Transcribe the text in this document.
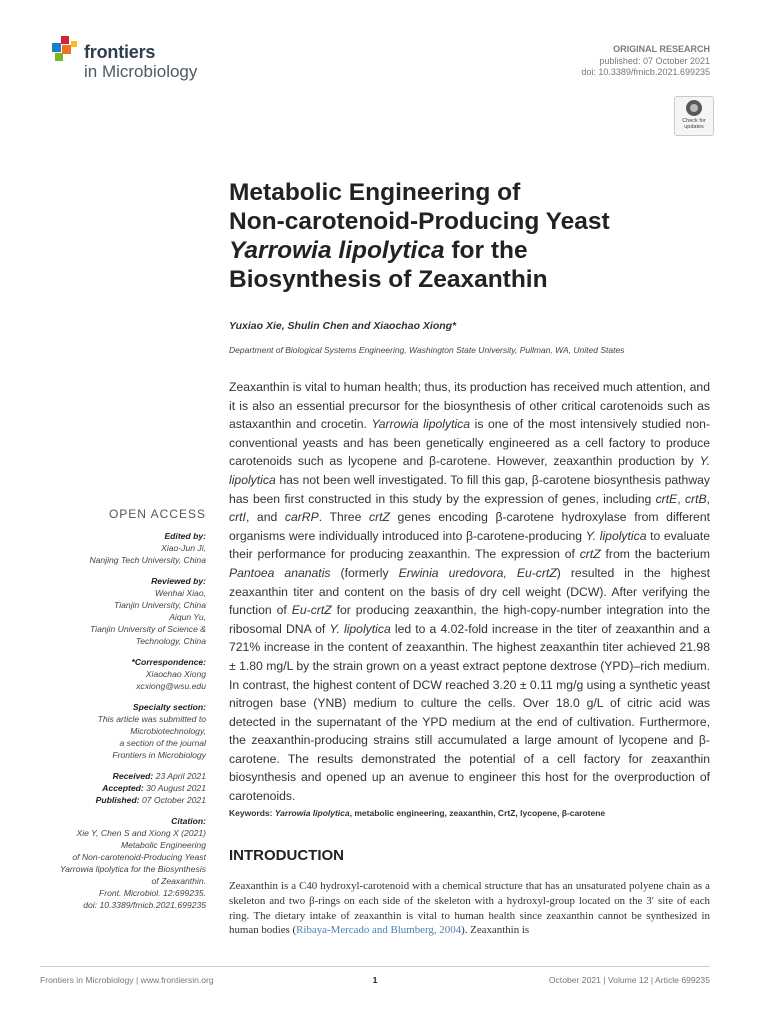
frontiers
in Microbiology
ORIGINAL RESEARCH
published: 07 October 2021
doi: 10.3389/fmicb.2021.699235
Check for updates
Metabolic Engineering of
Non-carotenoid-Producing Yeast
Yarrowia lipolytica for the
Biosynthesis of Zeaxanthin
Yuxiao Xie, Shulin Chen and Xiaochao Xiong*
Department of Biological Systems Engineering, Washington State University, Pullman, WA, United States

Zeaxanthin is vital to human health; thus, its production has received much attention, and it is also an essential precursor for the biosynthesis of other critical carotenoids such as astaxanthin and crocetin. Yarrowia lipolytica is one of the most intensively studied non-conventional yeasts and has been genetically engineered as a cell factory to produce carotenoids such as lycopene and β-carotene. However, zeaxanthin production by Y. lipolytica has not been well investigated. To fill this gap, β-carotene biosynthesis pathway has been first constructed in this study by the expression of genes, including crtE, crtB, crtI, and carRP. Three crtZ genes encoding β-carotene hydroxylase from different organisms were individually introduced into β-carotene-producing Y. lipolytica to evaluate their performance for producing zeaxanthin. The expression of crtZ from the bacterium Pantoea ananatis (formerly Erwinia uredovora, Eu-crtZ) resulted in the highest zeaxanthin titer and content on the basis of dry cell weight (DCW). After verifying the function of Eu-crtZ for producing zeaxanthin, the high-copy-number integration into the ribosomal DNA of Y. lipolytica led to a 4.02-fold increase in the titer of zeaxanthin and a 721% increase in the content of zeaxanthin. The highest zeaxanthin titer achieved 21.98 ± 1.80 mg/L by the strain grown on a yeast extract peptone dextrose (YPD)–rich medium. In contrast, the highest content of DCW reached 3.20 ± 0.11 mg/g using a synthetic yeast nitrogen base (YNB) medium to culture the cells. Over 18.0 g/L of citric acid was detected in the supernatant of the YPD medium at the end of cultivation. Furthermore, the zeaxanthin-producing strains still accumulated a large amount of lycopene and β-carotene. The results demonstrated the potential of a cell factory for zeaxanthin biosynthesis and opened up an avenue to engineer this host for the overproduction of carotenoids.

Keywords: Yarrowia lipolytica, metabolic engineering, zeaxanthin, CrtZ, lycopene, β-carotene
INTRODUCTION

Zeaxanthin is a C40 hydroxyl-carotenoid with a chemical structure that has an unsaturated polyene chain as a skeleton and two β-rings on each side of the skeleton with a hydroxyl-group located on the 3′ site of each ring. The dietary intake of zeaxanthin is vital to human health since zeaxanthin cannot be synthesized in human bodies (Ribaya-Mercado and Blumberg, 2004). Zeaxanthin is

OPEN ACCESS
Edited by:
Xiao-Jun Ji,
Nanjing Tech University, China
Reviewed by:
Wenhai Xiao,
Tianjin University, China
Aiqun Yu,
Tianjin University of Science &
Technology, China
*Correspondence:
Xiaochao Xiong
xcxiong@wsu.edu
Specialty section:
This article was submitted to
Microbiotechnology,
a section of the journal
Frontiers in Microbiology
Received: 23 April 2021
Accepted: 30 August 2021
Published: 07 October 2021
Citation:
Xie Y, Chen S and Xiong X (2021)
Metabolic Engineering
of Non-carotenoid-Producing Yeast
Yarrowia lipolytica for the Biosynthesis
of Zeaxanthin.
Front. Microbiol. 12:699235.
doi: 10.3389/fmicb.2021.699235
Frontiers in Microbiology | www.frontiersin.org	1	October 2021 | Volume 12 | Article 699235
